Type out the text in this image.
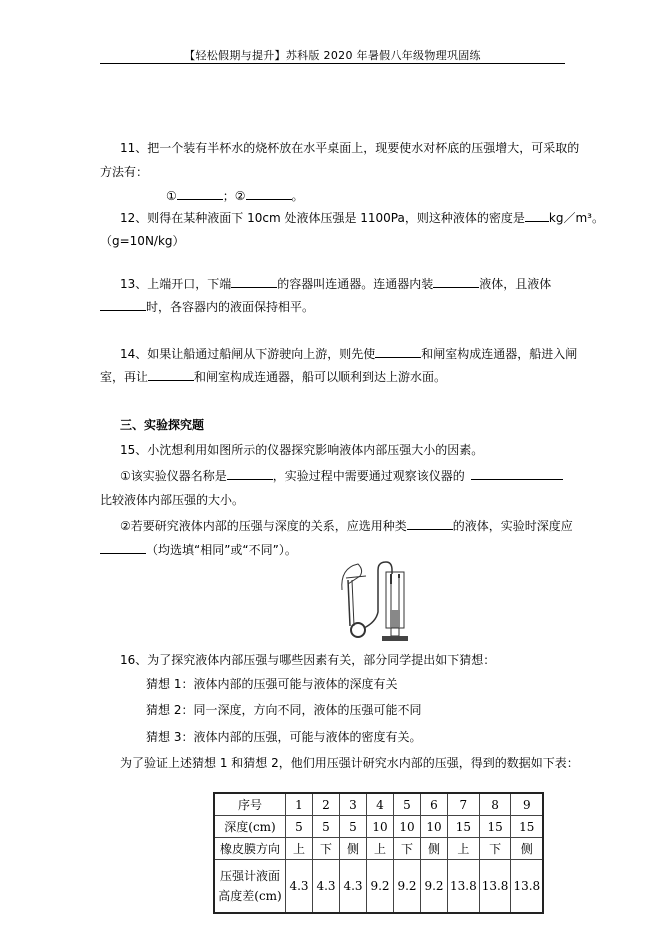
【轻松假期与提升】苏科版 2020 年暑假八年级物理巩固练
11、把一个装有半杯水的烧杯放在水平桌面上，现要使水对杯底的压强增大，可采取的
方法有：
①	；②	。
12、则得在某种液面下 10cm 处液体压强是 1100Pa，则这种液体的密度是 kg／m³。
（g=10N/kg）
13、上端开口，下端	的容器叫连通器。连通器内装	液体，且液体
时，各容器内的液面保持相平。
14、如果让船通过船闸从下游驶向上游，则先使	和闸室构成连通器，船进入闸
室，再让	和闸室构成连通器，船可以顺利到达上游水面。
三、实验探究题
15、小沈想利用如图所示的仪器探究影响液体内部压强大小的因素。
①该实验仪器名称是	，实验过程中需要通过观察该仪器的
比较液体内部压强的大小。
②若要研究液体内部的压强与深度的关系，应选用种类	的液体，实验时深度应
（均选填“相同”或“不同”）。
16、为了探究液体内部压强与哪些因素有关，部分同学提出如下猜想：
猜想 1：液体内部的压强可能与液体的深度有关
猜想 2：同一深度，方向不同，液体的压强可能不同
猜想 3：液体内部的压强，可能与液体的密度有关。
为了验证上述猜想 1 和猜想 2，他们用压强计研究水内部的压强，得到的数据如下表：
序号	1	2	3	4	5	6	7	8	9
深度(cm)	5	5	5	10	10	10	15	15	15
橡皮膜方向	上	下	侧	上	下	侧	上	下	侧
压强计液面高度差(cm)	4.3	4.3	4.3	9.2	9.2	9.2	13.8	13.8	13.8
